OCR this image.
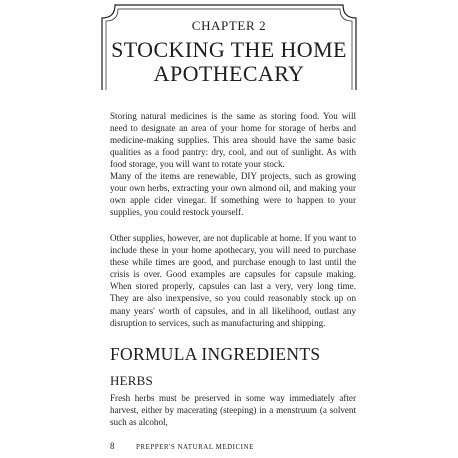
CHAPTER 2
STOCKING THE HOME
APOTHECARY

Storing natural medicines is the same as storing food. You will need to designate an area of your home for storage of herbs and medicine-making supplies. This area should have the same basic qualities as a food pantry: dry, cool, and out of sunlight. As with food storage, you will want to rotate your stock.

Many of the items are renewable, DIY projects, such as growing your own herbs, extracting your own almond oil, and making your own apple cider vinegar. If something were to happen to your supplies, you could restock yourself.

Other supplies, however, are not duplicable at home. If you want to include these in your home apothecary, you will need to purchase these while times are good, and purchase enough to last until the crisis is over. Good examples are capsules for capsule making. When stored properly, capsules can last a very, very long time. They are also inexpensive, so you could reasonably stock up on many years' worth of capsules, and in all likelihood, outlast any disruption to services, such as manufacturing and shipping.

FORMULA INGREDIENTS
HERBS

Fresh herbs must be preserved in some way immediately after harvest, either by macerating (steeping) in a menstruum (a solvent such as alcohol,

8	PREPPER'S NATURAL MEDICINE
